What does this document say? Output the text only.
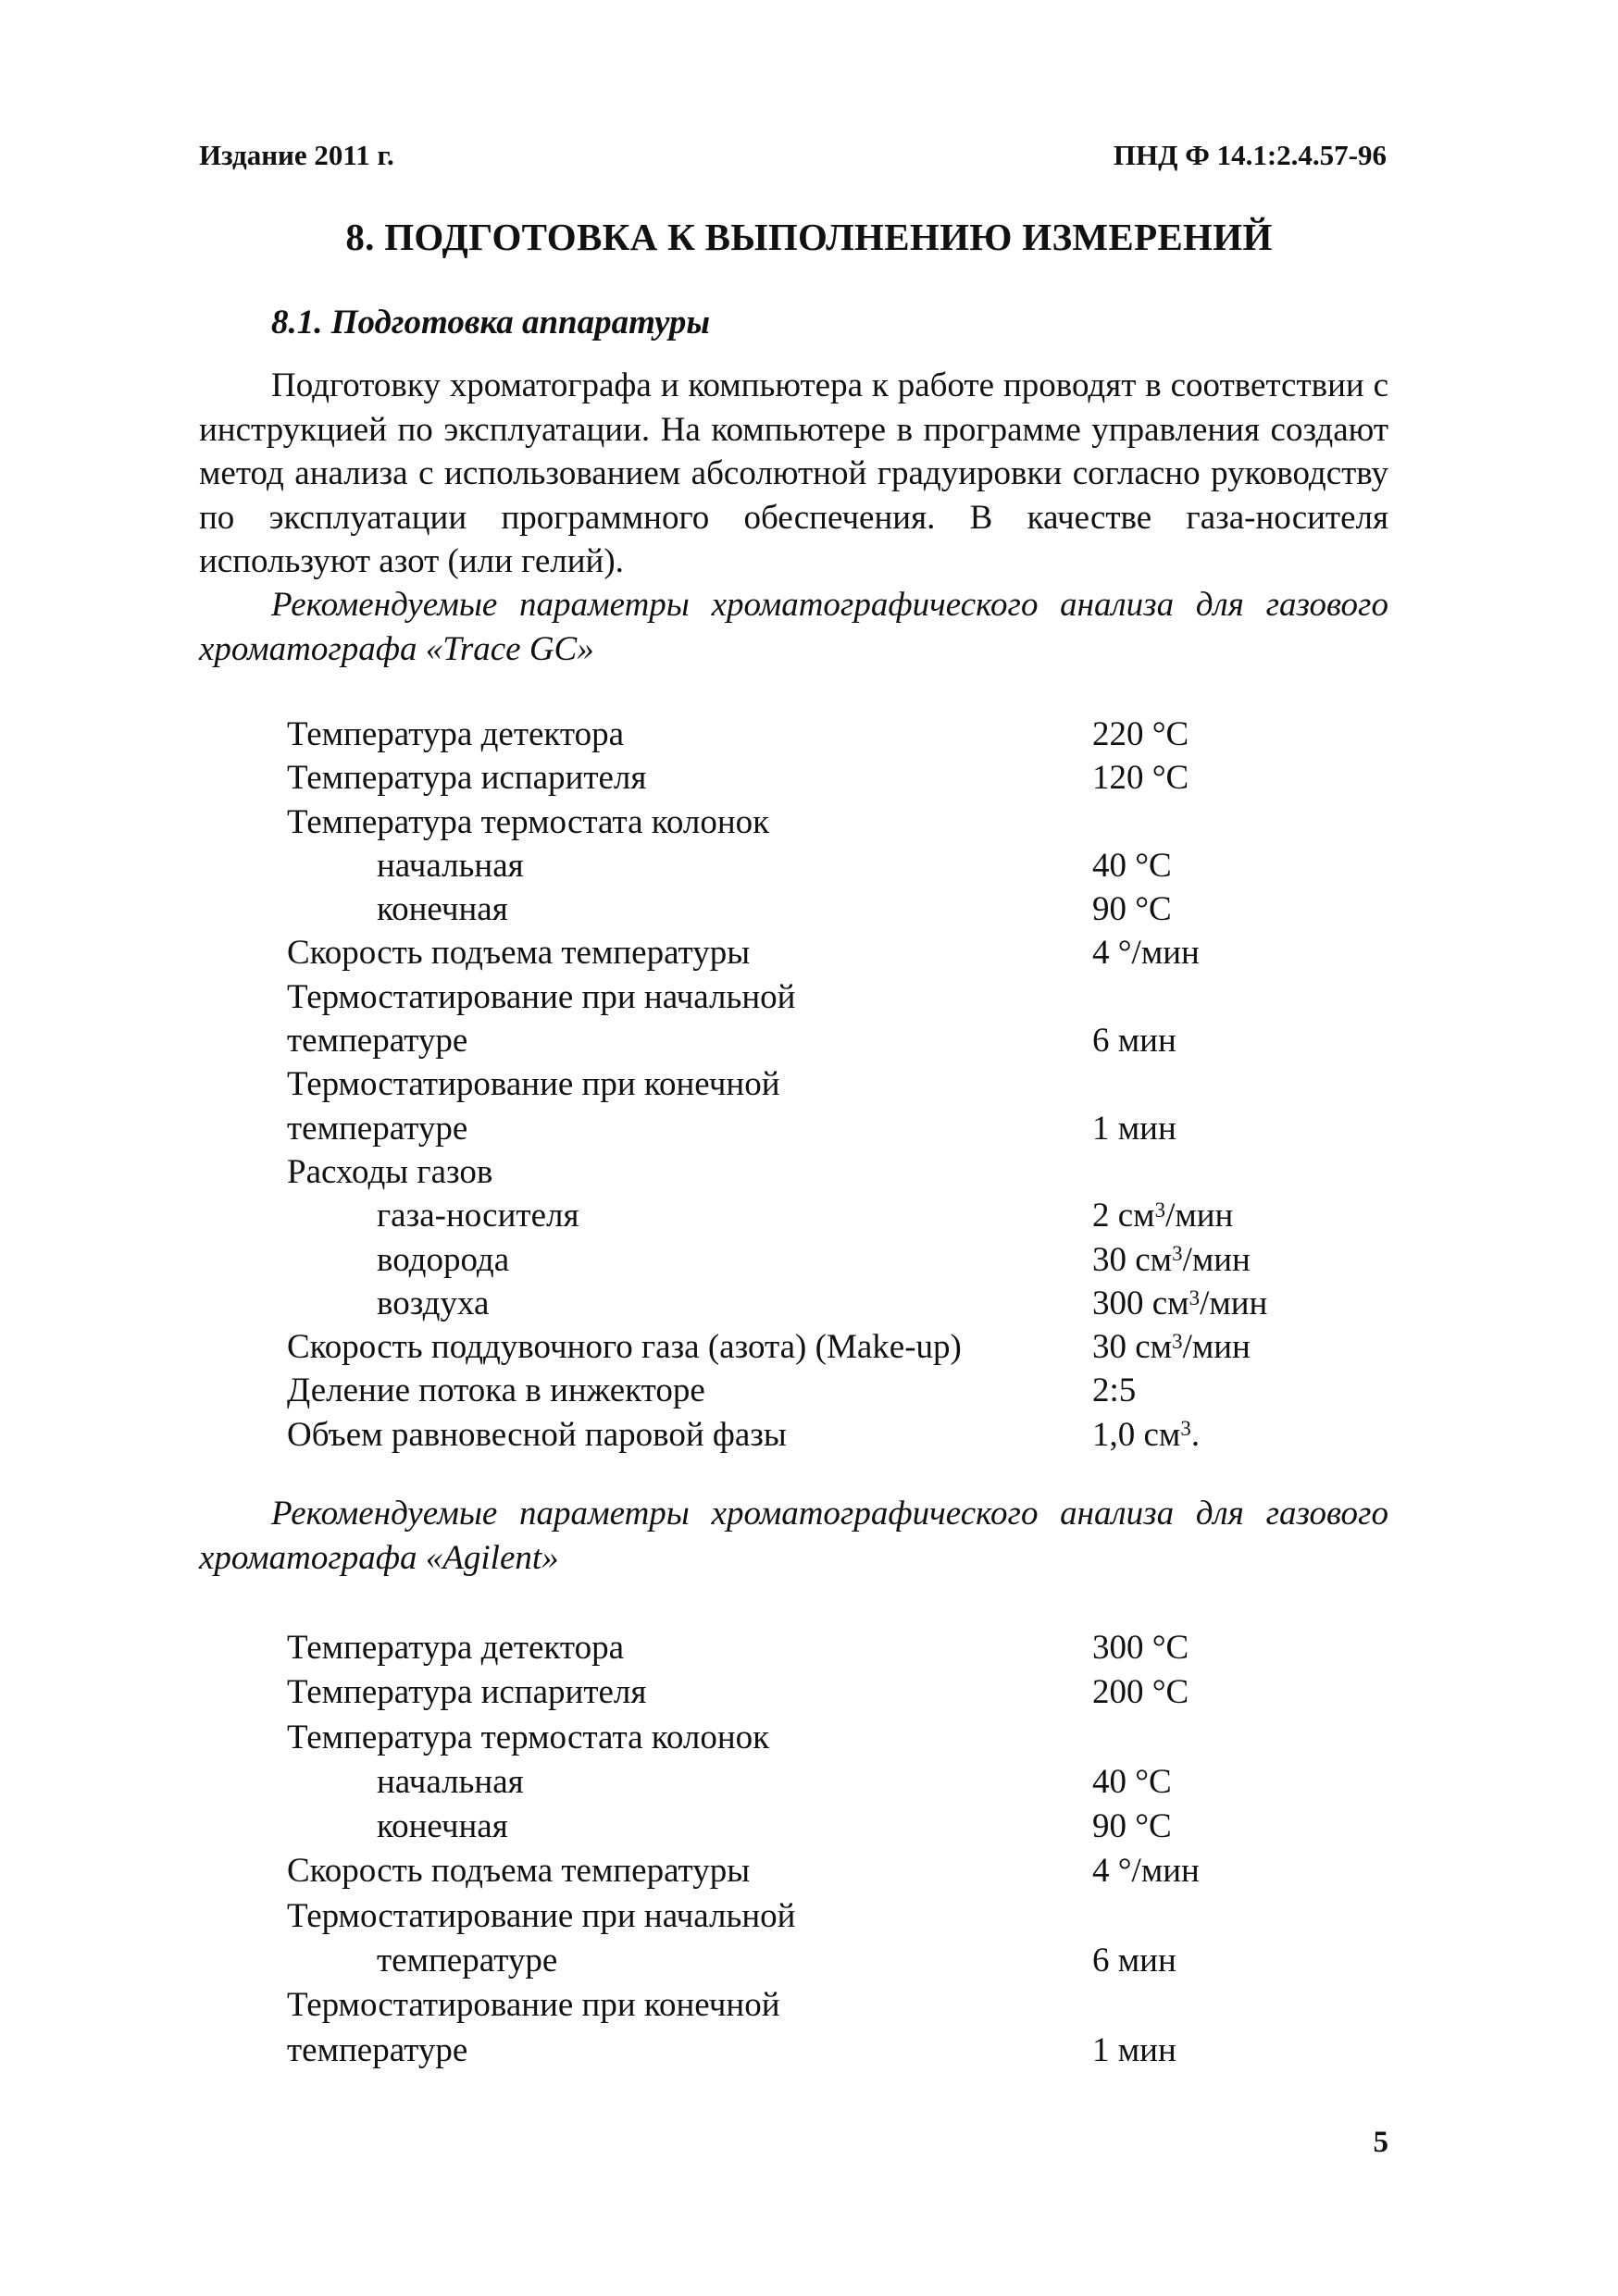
Издание 2011 г.	ПНД Ф 14.1:2.4.57-96
8. ПОДГОТОВКА К ВЫПОЛНЕНИЮ ИЗМЕРЕНИЙ
8.1. Подготовка аппаратуры
Подготовку хроматографа и компьютера к работе проводят в соответствии с инструкцией по эксплуатации. На компьютере в программе управления создают метод анализа с использованием абсолютной градуировки согласно руководству по эксплуатации программного обеспечения. В качестве газа-носителя используют азот (или гелий).
Рекомендуемые параметры хроматографического анализа для газового хроматографа «Trace GC»
Температура детектора	220 °С
Температура испарителя	120 °С
Температура термостата колонок
начальная	40 °С
конечная	90 °С
Скорость подъема температуры	4 °/мин
Термостатирование при начальной
температуре	6 мин
Термостатирование при конечной
температуре	1 мин
Расходы газов
газа-носителя	2 $см^3$/мин
водорода	30 $см^3$/мин
воздуха	300 $см^3$/мин
Скорость поддувочного газа (азота) (Make-up)	30 $см^3$/мин
Деление потока в инжекторе	2:5
Объем равновесной паровой фазы	1,0 $см^3$.
Рекомендуемые параметры хроматографического анализа для газового хроматографа «Agilent»
Температура детектора	300 °С
Температура испарителя	200 °С
Температура термостата колонок
начальная	40 °С
конечная	90 °С
Скорость подъема температуры	4 °/мин
Термостатирование при начальной
температуре	6 мин
Термостатирование при конечной
температуре	1 мин
5
